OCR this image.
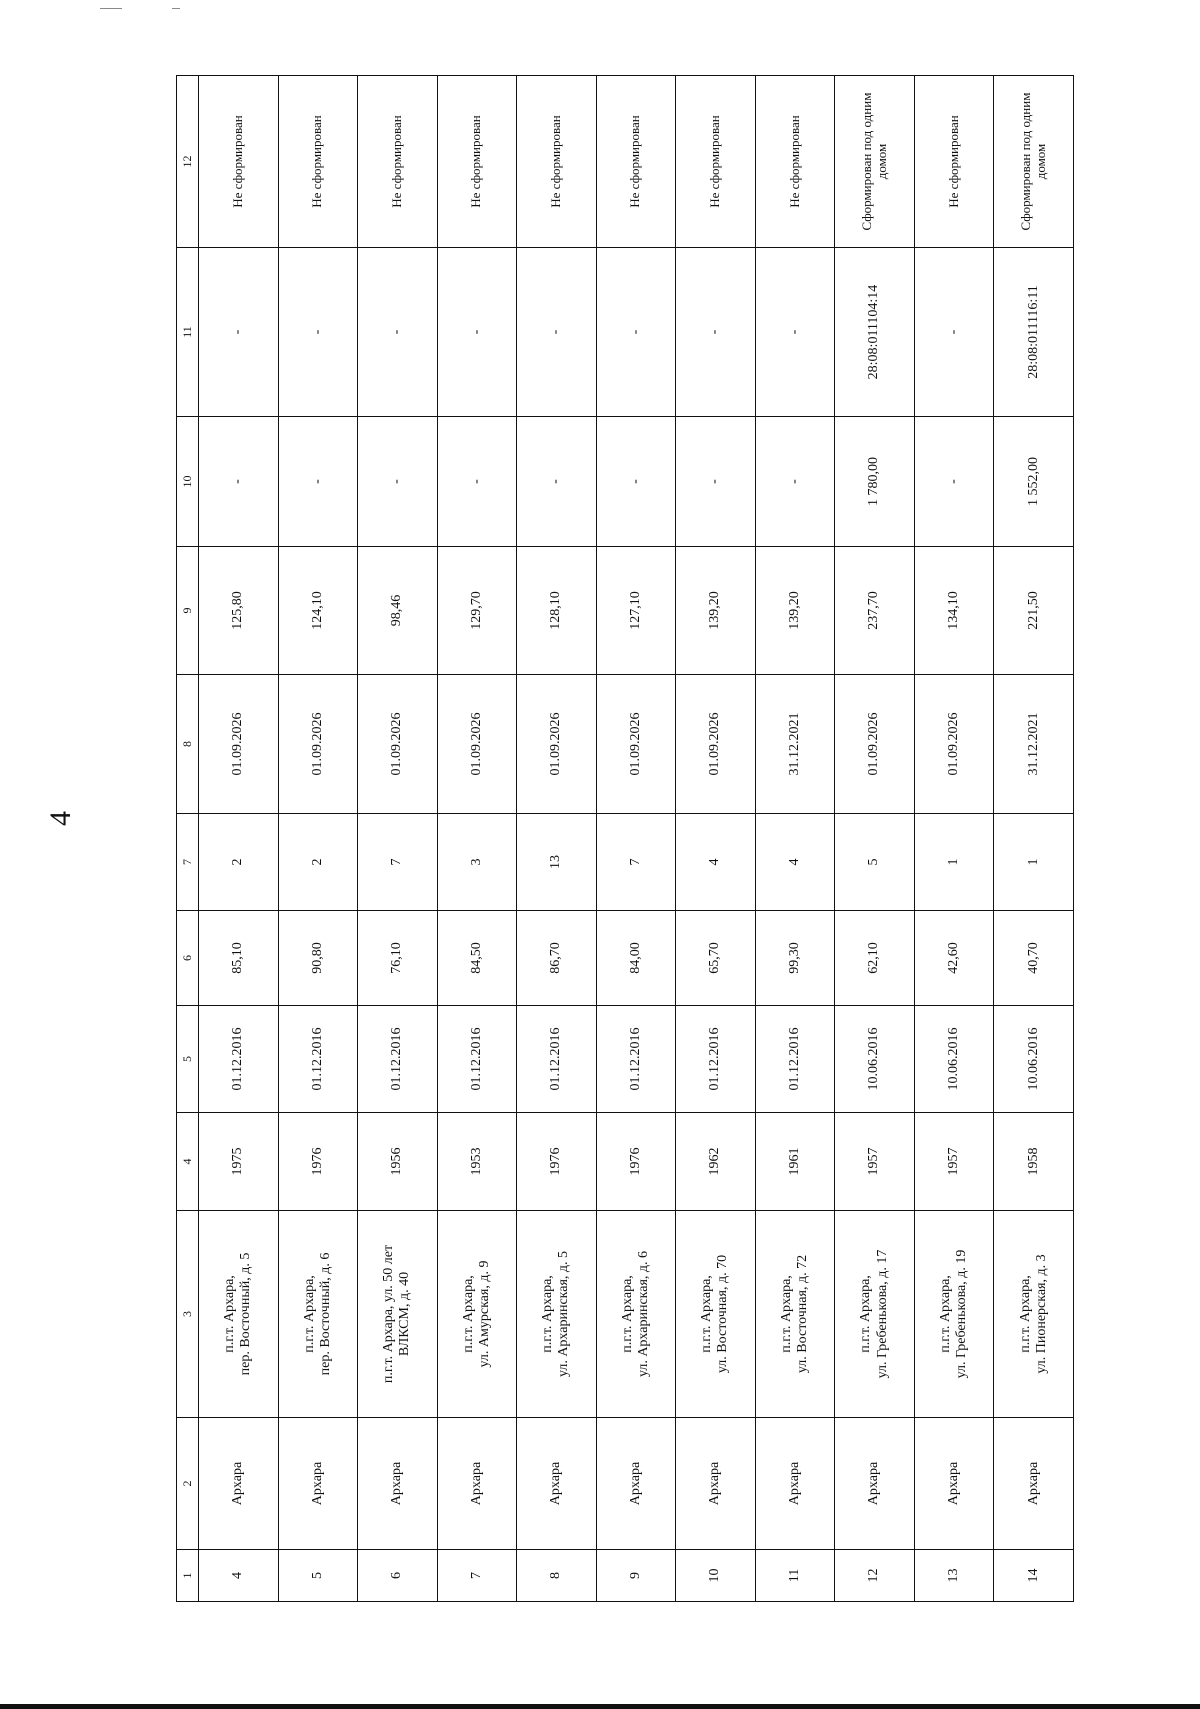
4
1	2	3	4	5	6	7	8	9	10	11	12
4	Архара	п.г.т. Архара,
пер. Восточный, д. 5	1975	01.12.2016	85,10	2	01.09.2026	125,80	-	-	Не сформирован
5	Архара	п.г.т. Архара,
пер. Восточный, д. 6	1976	01.12.2016	90,80	2	01.09.2026	124,10	-	-	Не сформирован
6	Архара	п.г.т. Архара, ул. 50 лет
ВЛКСМ, д. 40	1956	01.12.2016	76,10	7	01.09.2026	98,46	-	-	Не сформирован
7	Архара	п.г.т. Архара,
ул. Амурская, д. 9	1953	01.12.2016	84,50	3	01.09.2026	129,70	-	-	Не сформирован
8	Архара	п.г.т. Архара,
ул. Архаринская, д. 5	1976	01.12.2016	86,70	13	01.09.2026	128,10	-	-	Не сформирован
9	Архара	п.г.т. Архара,
ул. Архаринская, д. 6	1976	01.12.2016	84,00	7	01.09.2026	127,10	-	-	Не сформирован
10	Архара	п.г.т. Архара,
ул. Восточная, д. 70	1962	01.12.2016	65,70	4	01.09.2026	139,20	-	-	Не сформирован
11	Архара	п.г.т. Архара,
ул. Восточная, д. 72	1961	01.12.2016	99,30	4	31.12.2021	139,20	-	-	Не сформирован
12	Архара	п.г.т. Архара,
ул. Гребенькова, д. 17	1957	10.06.2016	62,10	5	01.09.2026	237,70	1 780,00	28:08:011104:14	Сформирован под одним домом
13	Архара	п.г.т. Архара,
ул. Гребенькова, д. 19	1957	10.06.2016	42,60	1	01.09.2026	134,10	-	-	Не сформирован
14	Архара	п.г.т. Архара,
ул. Пионерская, д. 3	1958	10.06.2016	40,70	1	31.12.2021	221,50	1 552,00	28:08:011116:11	Сформирован под одним домом
